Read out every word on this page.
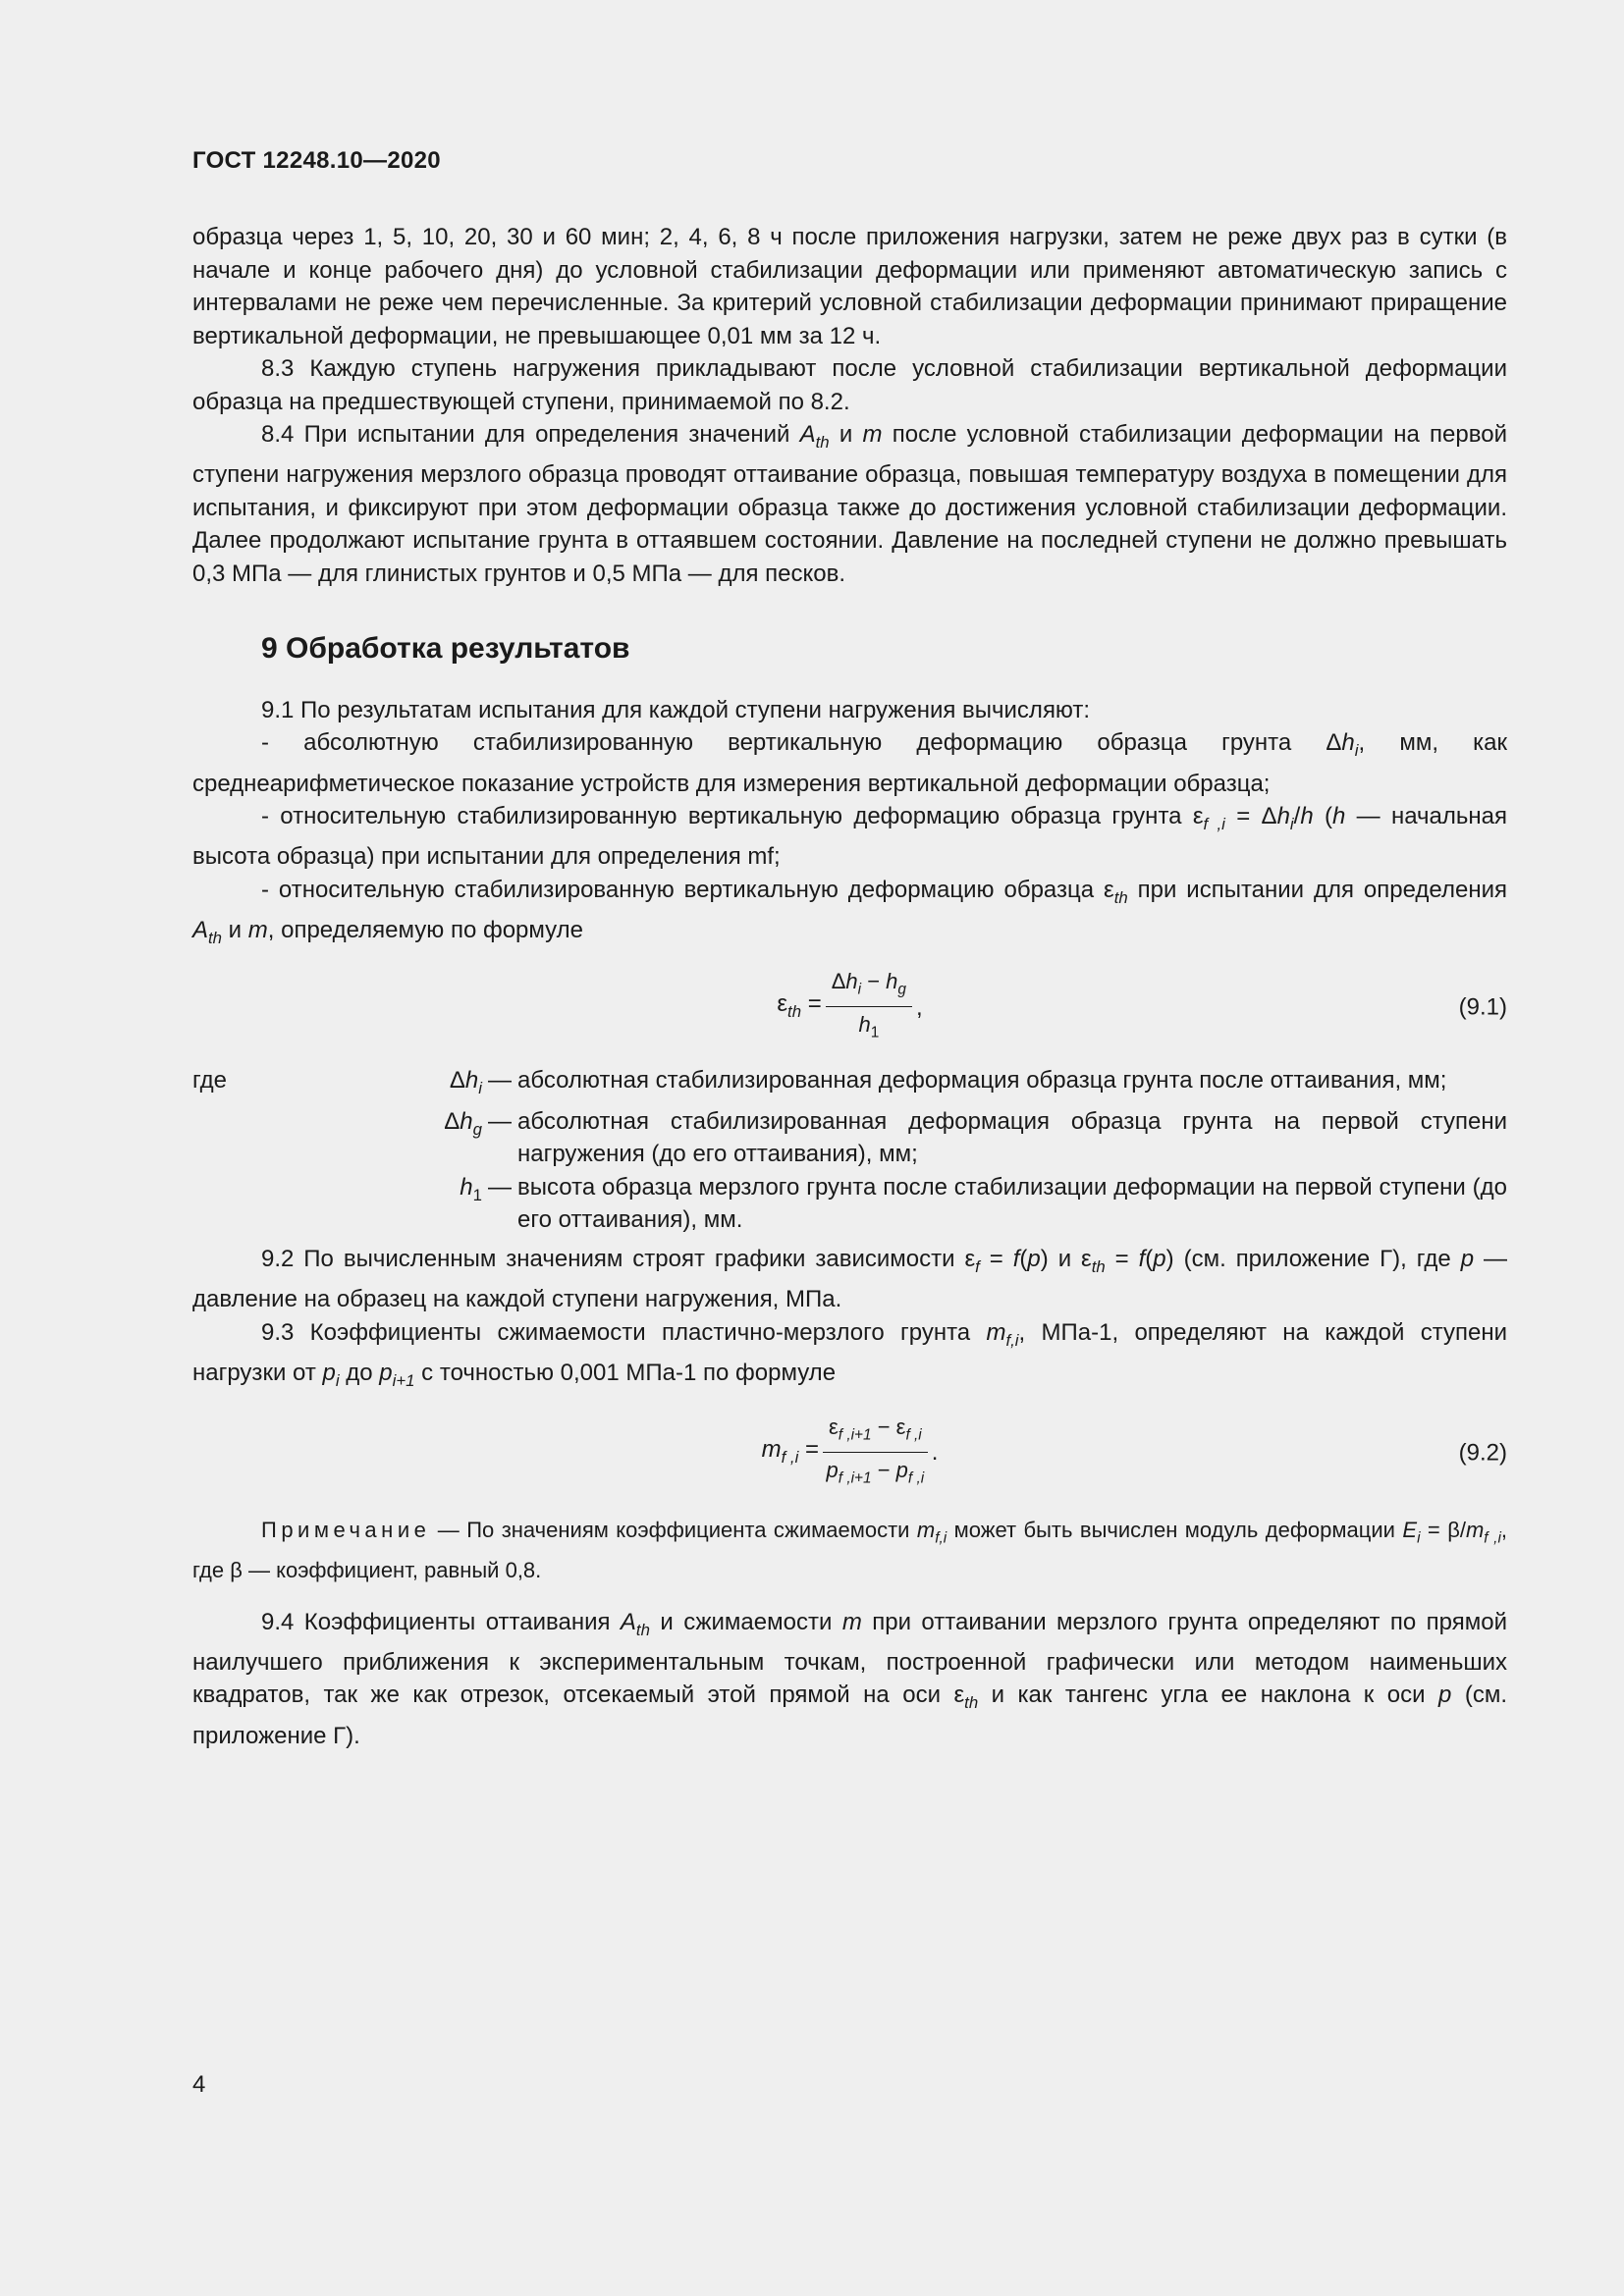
ГОСТ 12248.10—2020

образца через 1, 5, 10, 20, 30 и 60 мин; 2, 4, 6, 8 ч после приложения нагрузки, затем не реже двух раз в сутки (в начале и конце рабочего дня) до условной стабилизации деформации или применяют автоматическую запись с интервалами не реже чем перечисленные. За критерий условной стабилизации деформации принимают приращение вертикальной деформации, не превышающее 0,01 мм за 12 ч.

8.3 Каждую ступень нагружения прикладывают после условной стабилизации вертикальной деформации образца на предшествующей ступени, принимаемой по 8.2.

8.4 При испытании для определения значений $A_{th}$ и m после условной стабилизации деформации на первой ступени нагружения мерзлого образца проводят оттаивание образца, повышая температуру воздуха в помещении для испытания, и фиксируют при этом деформации образца также до достижения условной стабилизации деформации. Далее продолжают испытание грунта в оттаявшем состоянии. Давление на последней ступени не должно превышать 0,3 МПа — для глинистых грунтов и 0,5 МПа — для песков.

9 Обработка результатов

9.1 По результатам испытания для каждой ступени нагружения вычисляют:

- абсолютную стабилизированную вертикальную деформацию образца грунта $\Delta h_i$, мм, как среднеарифметическое показание устройств для измерения вертикальной деформации образца;

- относительную стабилизированную вертикальную деформацию образца грунта $\varepsilon_{f ,i} = \Delta h_i/h$ (h — начальная высота образца) при испытании для определения mf;

- относительную стабилизированную вертикальную деформацию образца $\varepsilon_{th}$ при испытании для определения $A_{th}$ и m, определяемую по формуле

$\varepsilon_{th} = \frac{\Delta h_i - h_g}{h_1}$ ,	(9.1)
где	$\Delta h_i$ — абсолютная стабилизированная деформация образца грунта после оттаивания, мм;
$\Delta h_g$ — абсолютная стабилизированная деформация образца грунта на первой ступени нагружения (до его оттаивания), мм;
$h_1$ — высота образца мерзлого грунта после стабилизации деформации на первой ступени (до его оттаивания), мм.

9.2 По вычисленным значениям строят графики зависимости $\varepsilon_f = f(p)$ и $\varepsilon_{th} = f(p)$ (см. приложение Г), где p — давление на образец на каждой ступени нагружения, МПа.

9.3 Коэффициенты сжимаемости пластично-мерзлого грунта $m_{f,i}$, МПа-1, определяют на каждой ступени нагрузки от $p_i$ до $p_{i+1}$ с точностью 0,001 МПа-1 по формуле

$m_{f ,i} = \frac{\varepsilon_{f ,i+1} - \varepsilon_{f ,i}}{p_{f ,i+1} - p_{f ,i}}$ .	(9.2)

Примечание — По значениям коэффициента сжимаемости $m_{f,i}$ может быть вычислен модуль деформации $E_i = \beta/m_{f ,i}$, где β — коэффициент, равный 0,8.

9.4 Коэффициенты оттаивания $A_{th}$ и сжимаемости m при оттаивании мерзлого грунта определяют по прямой наилучшего приближения к экспериментальным точкам, построенной графически или методом наименьших квадратов, так же как отрезок, отсекаемый этой прямой на оси $\varepsilon_{th}$ и как тангенс угла ее наклона к оси p (см. приложение Г).

4
